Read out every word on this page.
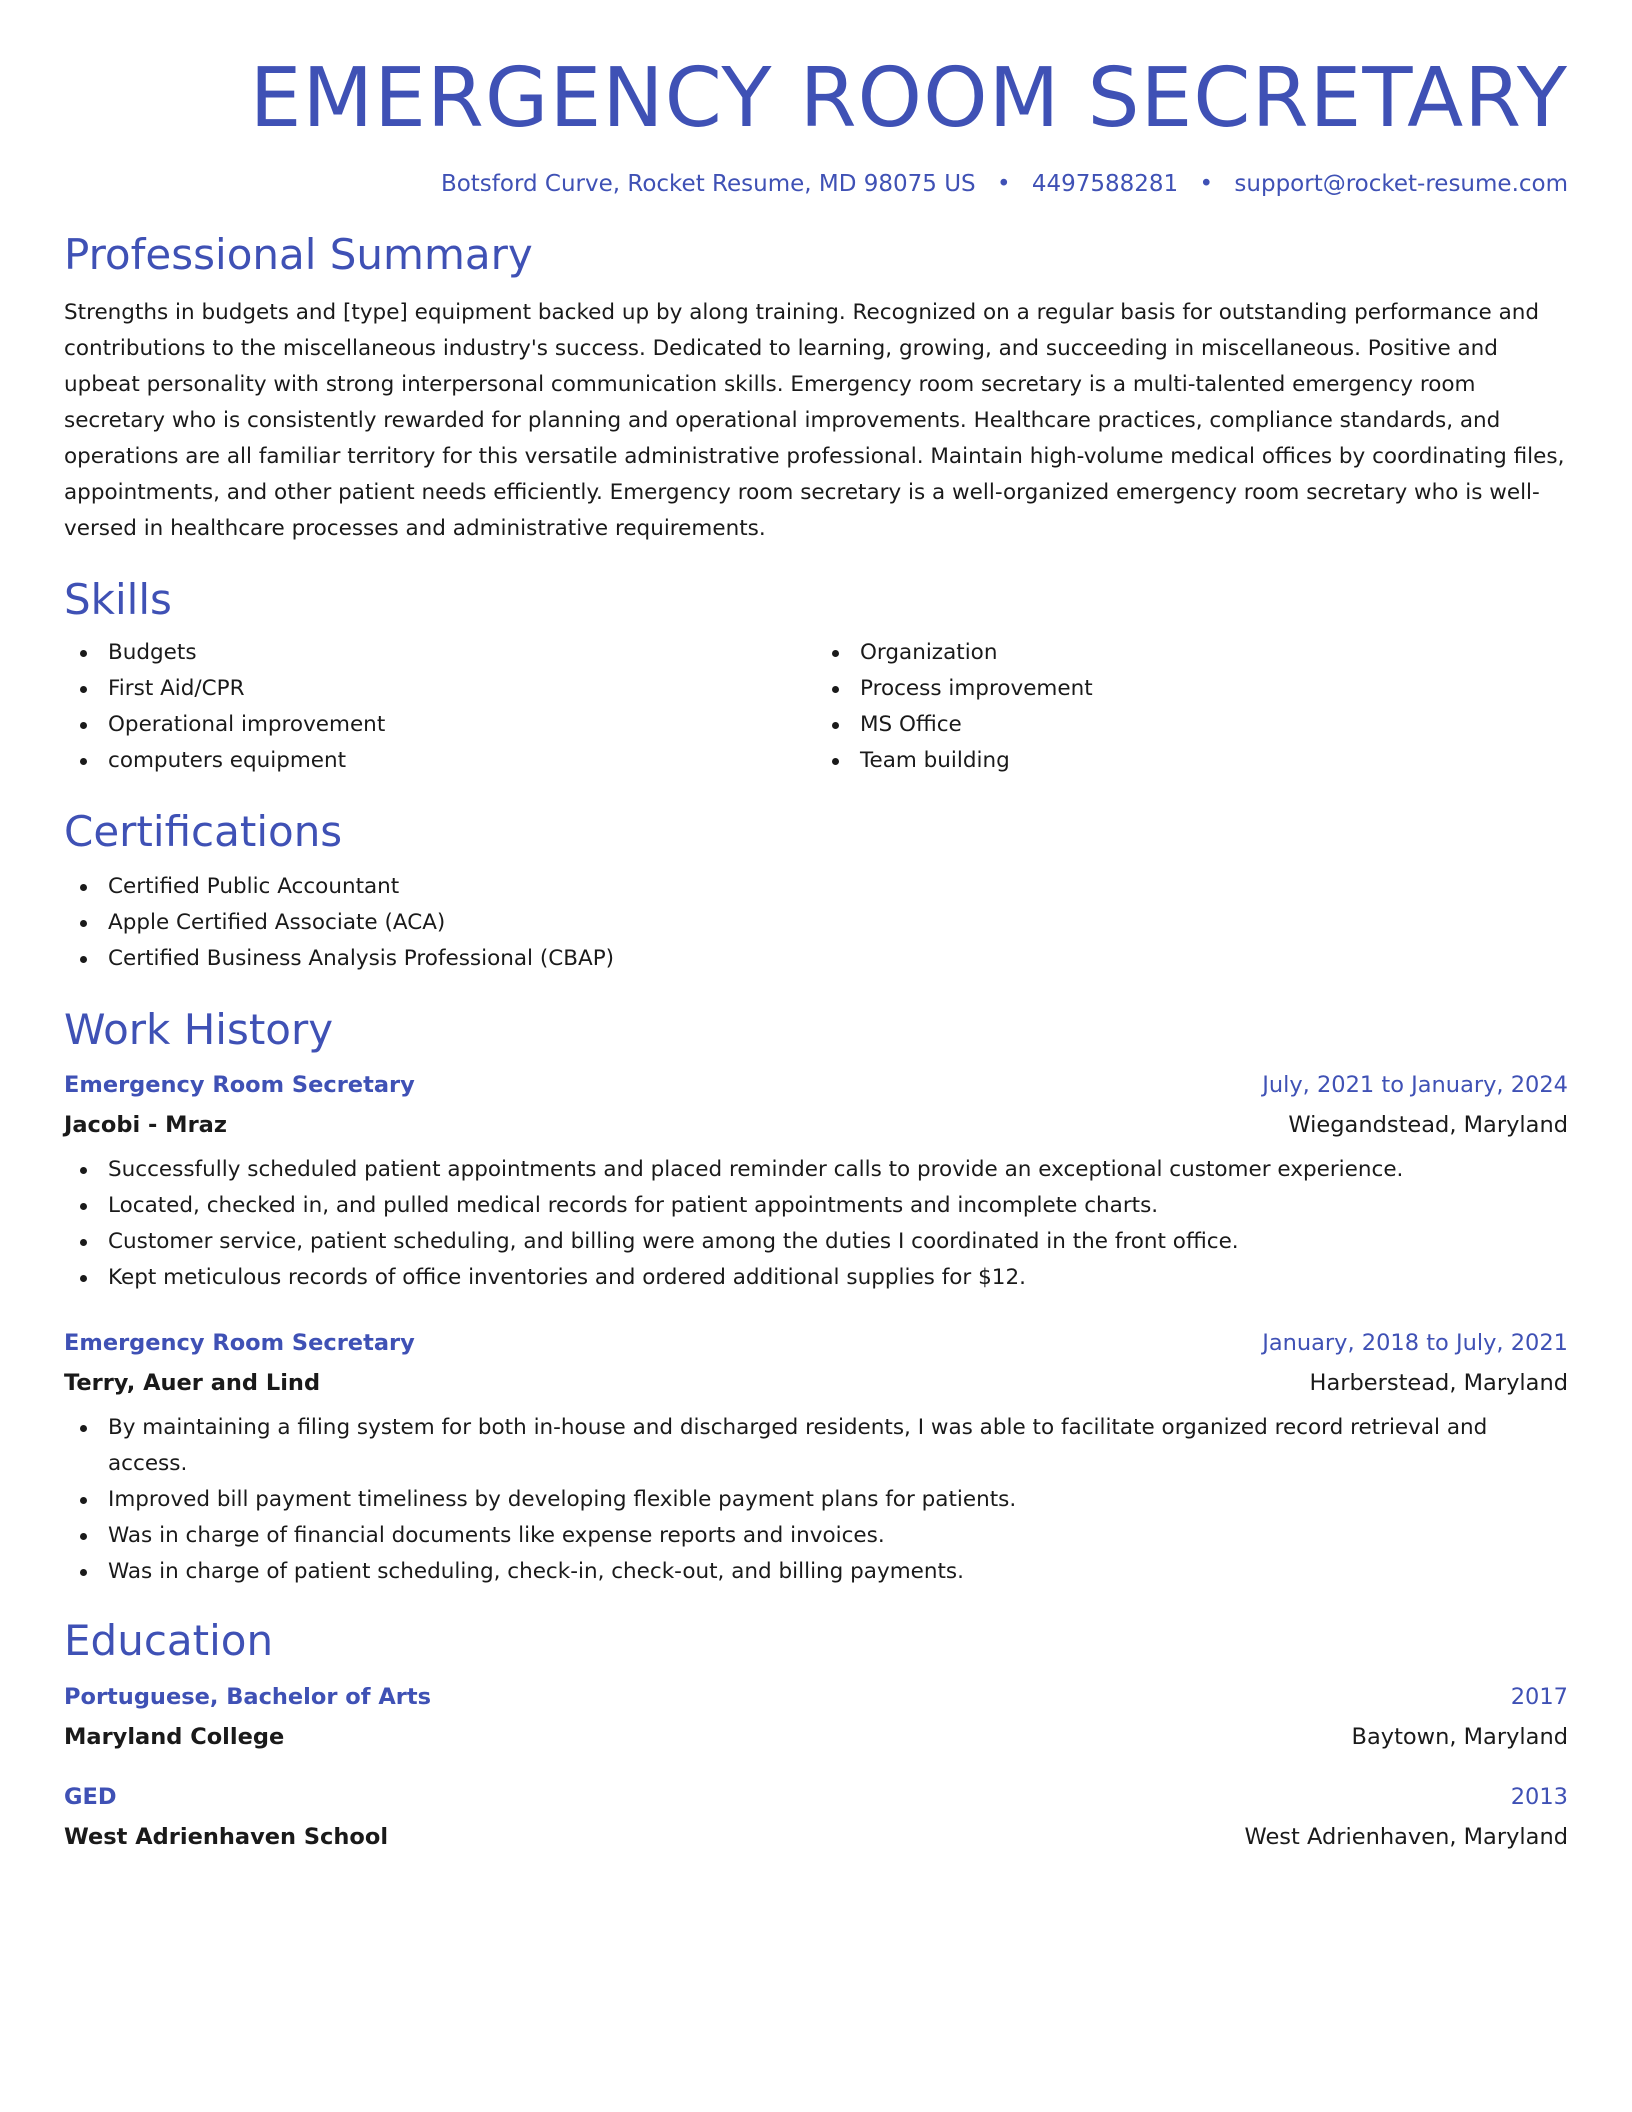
EMERGENCY ROOM SECRETARY
Botsford Curve, Rocket Resume, MD 98075 US • 4497588281 • support@rocket-resume.com
Professional Summary

Strengths in budgets and [type] equipment backed up by along training. Recognized on a regular basis for outstanding performance and contributions to the miscellaneous industry's success. Dedicated to learning, growing, and succeeding in miscellaneous. Positive and upbeat personality with strong interpersonal communication skills. Emergency room secretary is a multi-talented emergency room secretary who is consistently rewarded for planning and operational improvements. Healthcare practices, compliance standards, and operations are all familiar territory for this versatile administrative professional. Maintain high-volume medical offices by coordinating files, appointments, and other patient needs efficiently. Emergency room secretary is a well-organized emergency room secretary who is well-versed in healthcare processes and administrative requirements.

Skills
Budgets
First Aid/CPR
Operational improvement
computers equipment
Organization
Process improvement
MS Office
Team building
Certifications
Certified Public Accountant
Apple Certified Associate (ACA)
Certified Business Analysis Professional (CBAP)
Work History
Emergency Room Secretary	July, 2021 to January, 2024
Jacobi - Mraz	Wiegandstead, Maryland
Successfully scheduled patient appointments and placed reminder calls to provide an exceptional customer experience.
Located, checked in, and pulled medical records for patient appointments and incomplete charts.
Customer service, patient scheduling, and billing were among the duties I coordinated in the front office.
Kept meticulous records of office inventories and ordered additional supplies for $12.
Emergency Room Secretary	January, 2018 to July, 2021
Terry, Auer and Lind	Harberstead, Maryland
By maintaining a filing system for both in-house and discharged residents, I was able to facilitate organized record retrieval and access.
Improved bill payment timeliness by developing flexible payment plans for patients.
Was in charge of financial documents like expense reports and invoices.
Was in charge of patient scheduling, check-in, check-out, and billing payments.
Education
Portuguese, Bachelor of Arts	2017
Maryland College	Baytown, Maryland
GED	2013
West Adrienhaven School	West Adrienhaven, Maryland
